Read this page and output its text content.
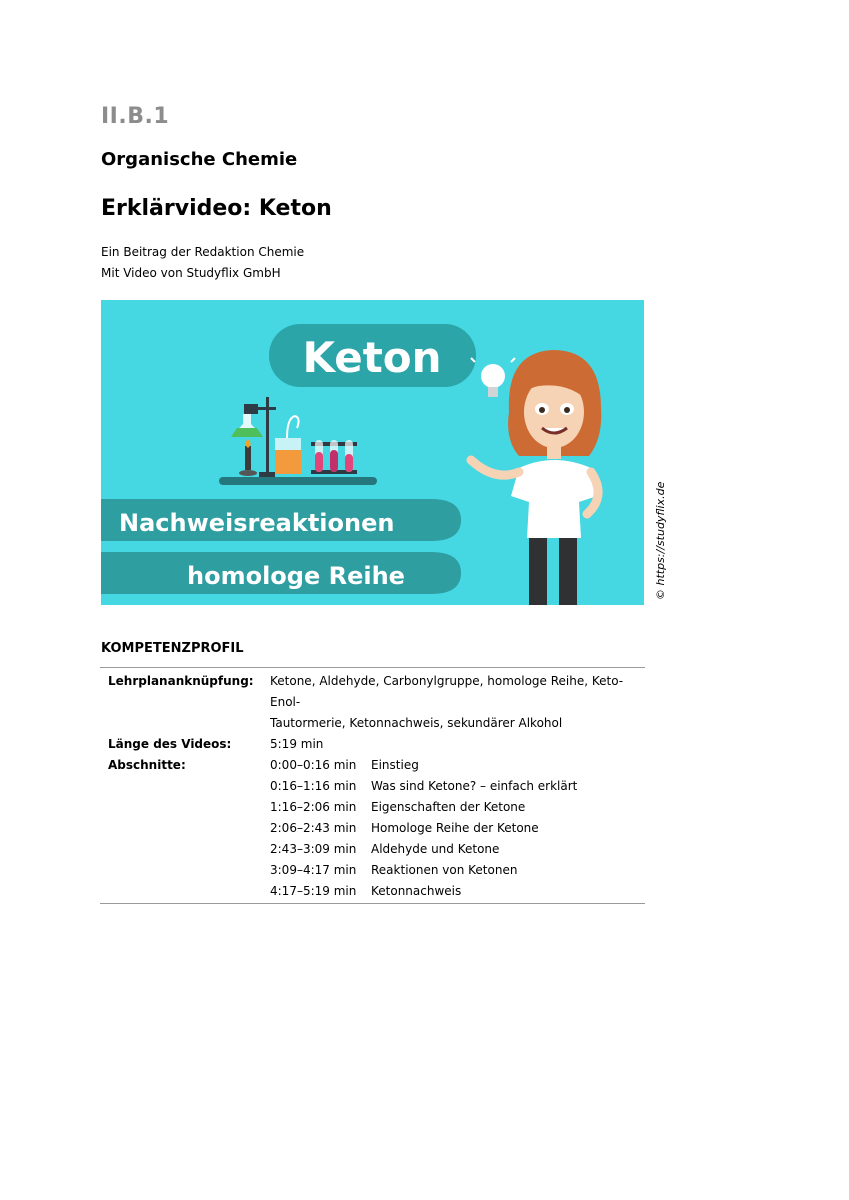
II.B.1
Organische Chemie
Erklärvideo: Keton
Ein Beitrag der Redaktion Chemie
Mit Video von Studyflix GmbH
Keton
Nachweisreaktionen
homologe Reihe	© https://studyflix.de
KOMPETENZPROFIL
Lehrplananknüpfung:	Ketone, Aldehyde, Carbonylgruppe, homologe Reihe, Keto-Enol-
Tautormerie, Ketonnachweis, sekundärer Alkohol
Länge des Videos:	5:19 min
Abschnitte:	0:00–0:16 min	Einstieg
0:16–1:16 min	Was sind Ketone? – einfach erklärt
1:16–2:06 min	Eigenschaften der Ketone
2:06–2:43 min	Homologe Reihe der Ketone
2:43–3:09 min	Aldehyde und Ketone
3:09–4:17 min	Reaktionen von Ketonen
4:17–5:19 min	Ketonnachweis
